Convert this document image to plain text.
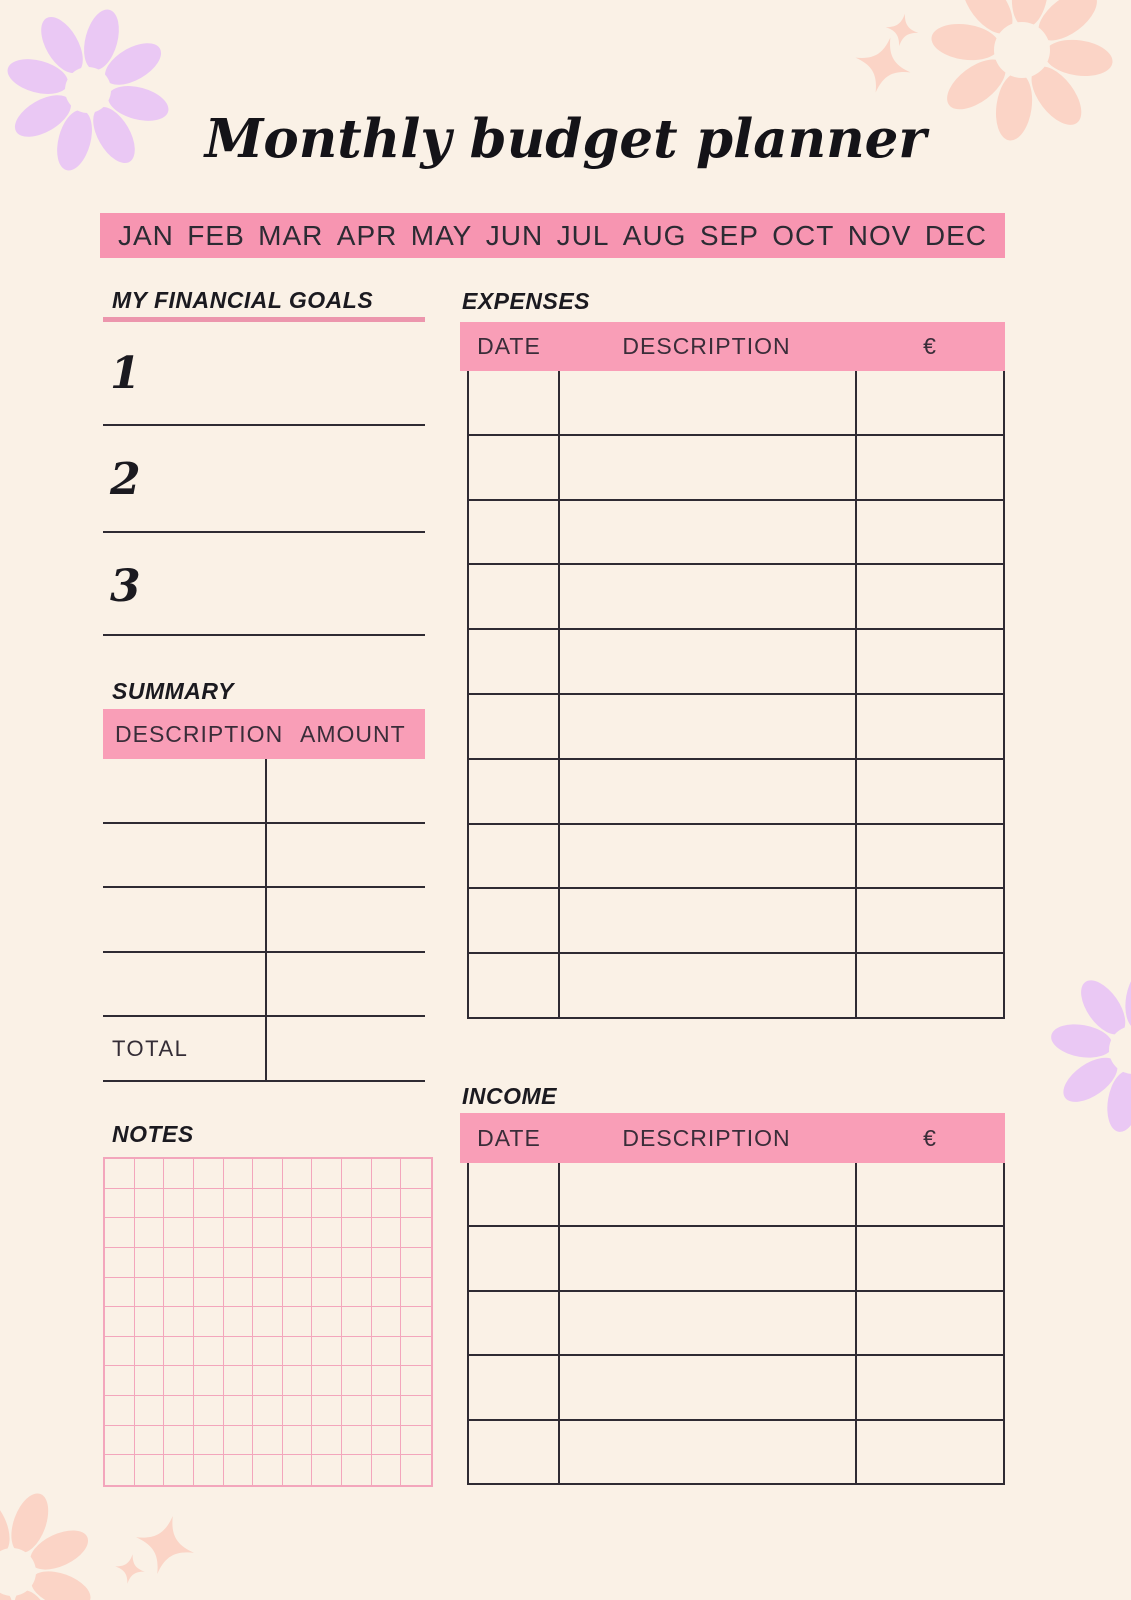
Monthly budget planner
JAN FEB MAR APR MAY JUN JUL AUG SEP OCT NOV DEC
MY FINANCIAL GOALS
1
2
3
SUMMARY
DESCRIPTION AMOUNT
TOTAL
NOTES
EXPENSES
DATE	DESCRIPTION	€
INCOME
DATE	DESCRIPTION	€
